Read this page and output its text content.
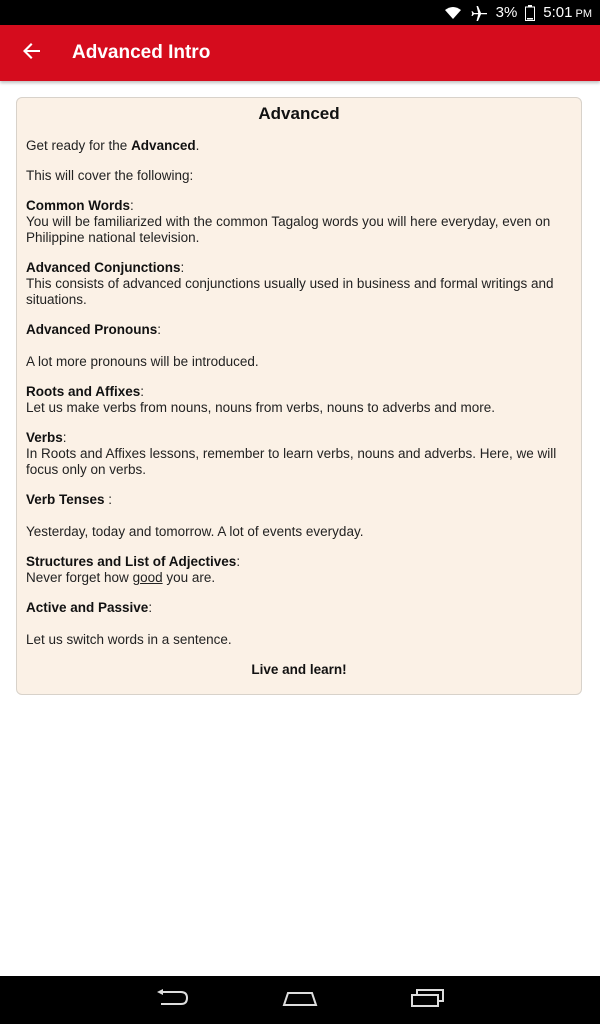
3% 5:01 PM
Advanced Intro
Advanced
Get ready for the Advanced.
This will cover the following:
Common Words:
You will be familiarized with the common Tagalog words you will here everyday, even on Philippine national television.
Advanced Conjunctions:
This consists of advanced conjunctions usually used in business and formal writings and situations.
Advanced Pronouns:
A lot more pronouns will be introduced.
Roots and Affixes:
Let us make verbs from nouns, nouns from verbs, nouns to adverbs and more.
Verbs:
In Roots and Affixes lessons, remember to learn verbs, nouns and adverbs. Here, we will focus only on verbs.
Verb Tenses :
Yesterday, today and tomorrow. A lot of events everyday.
Structures and List of Adjectives:
Never forget how good you are.
Active and Passive:
Let us switch words in a sentence.
Live and learn!
